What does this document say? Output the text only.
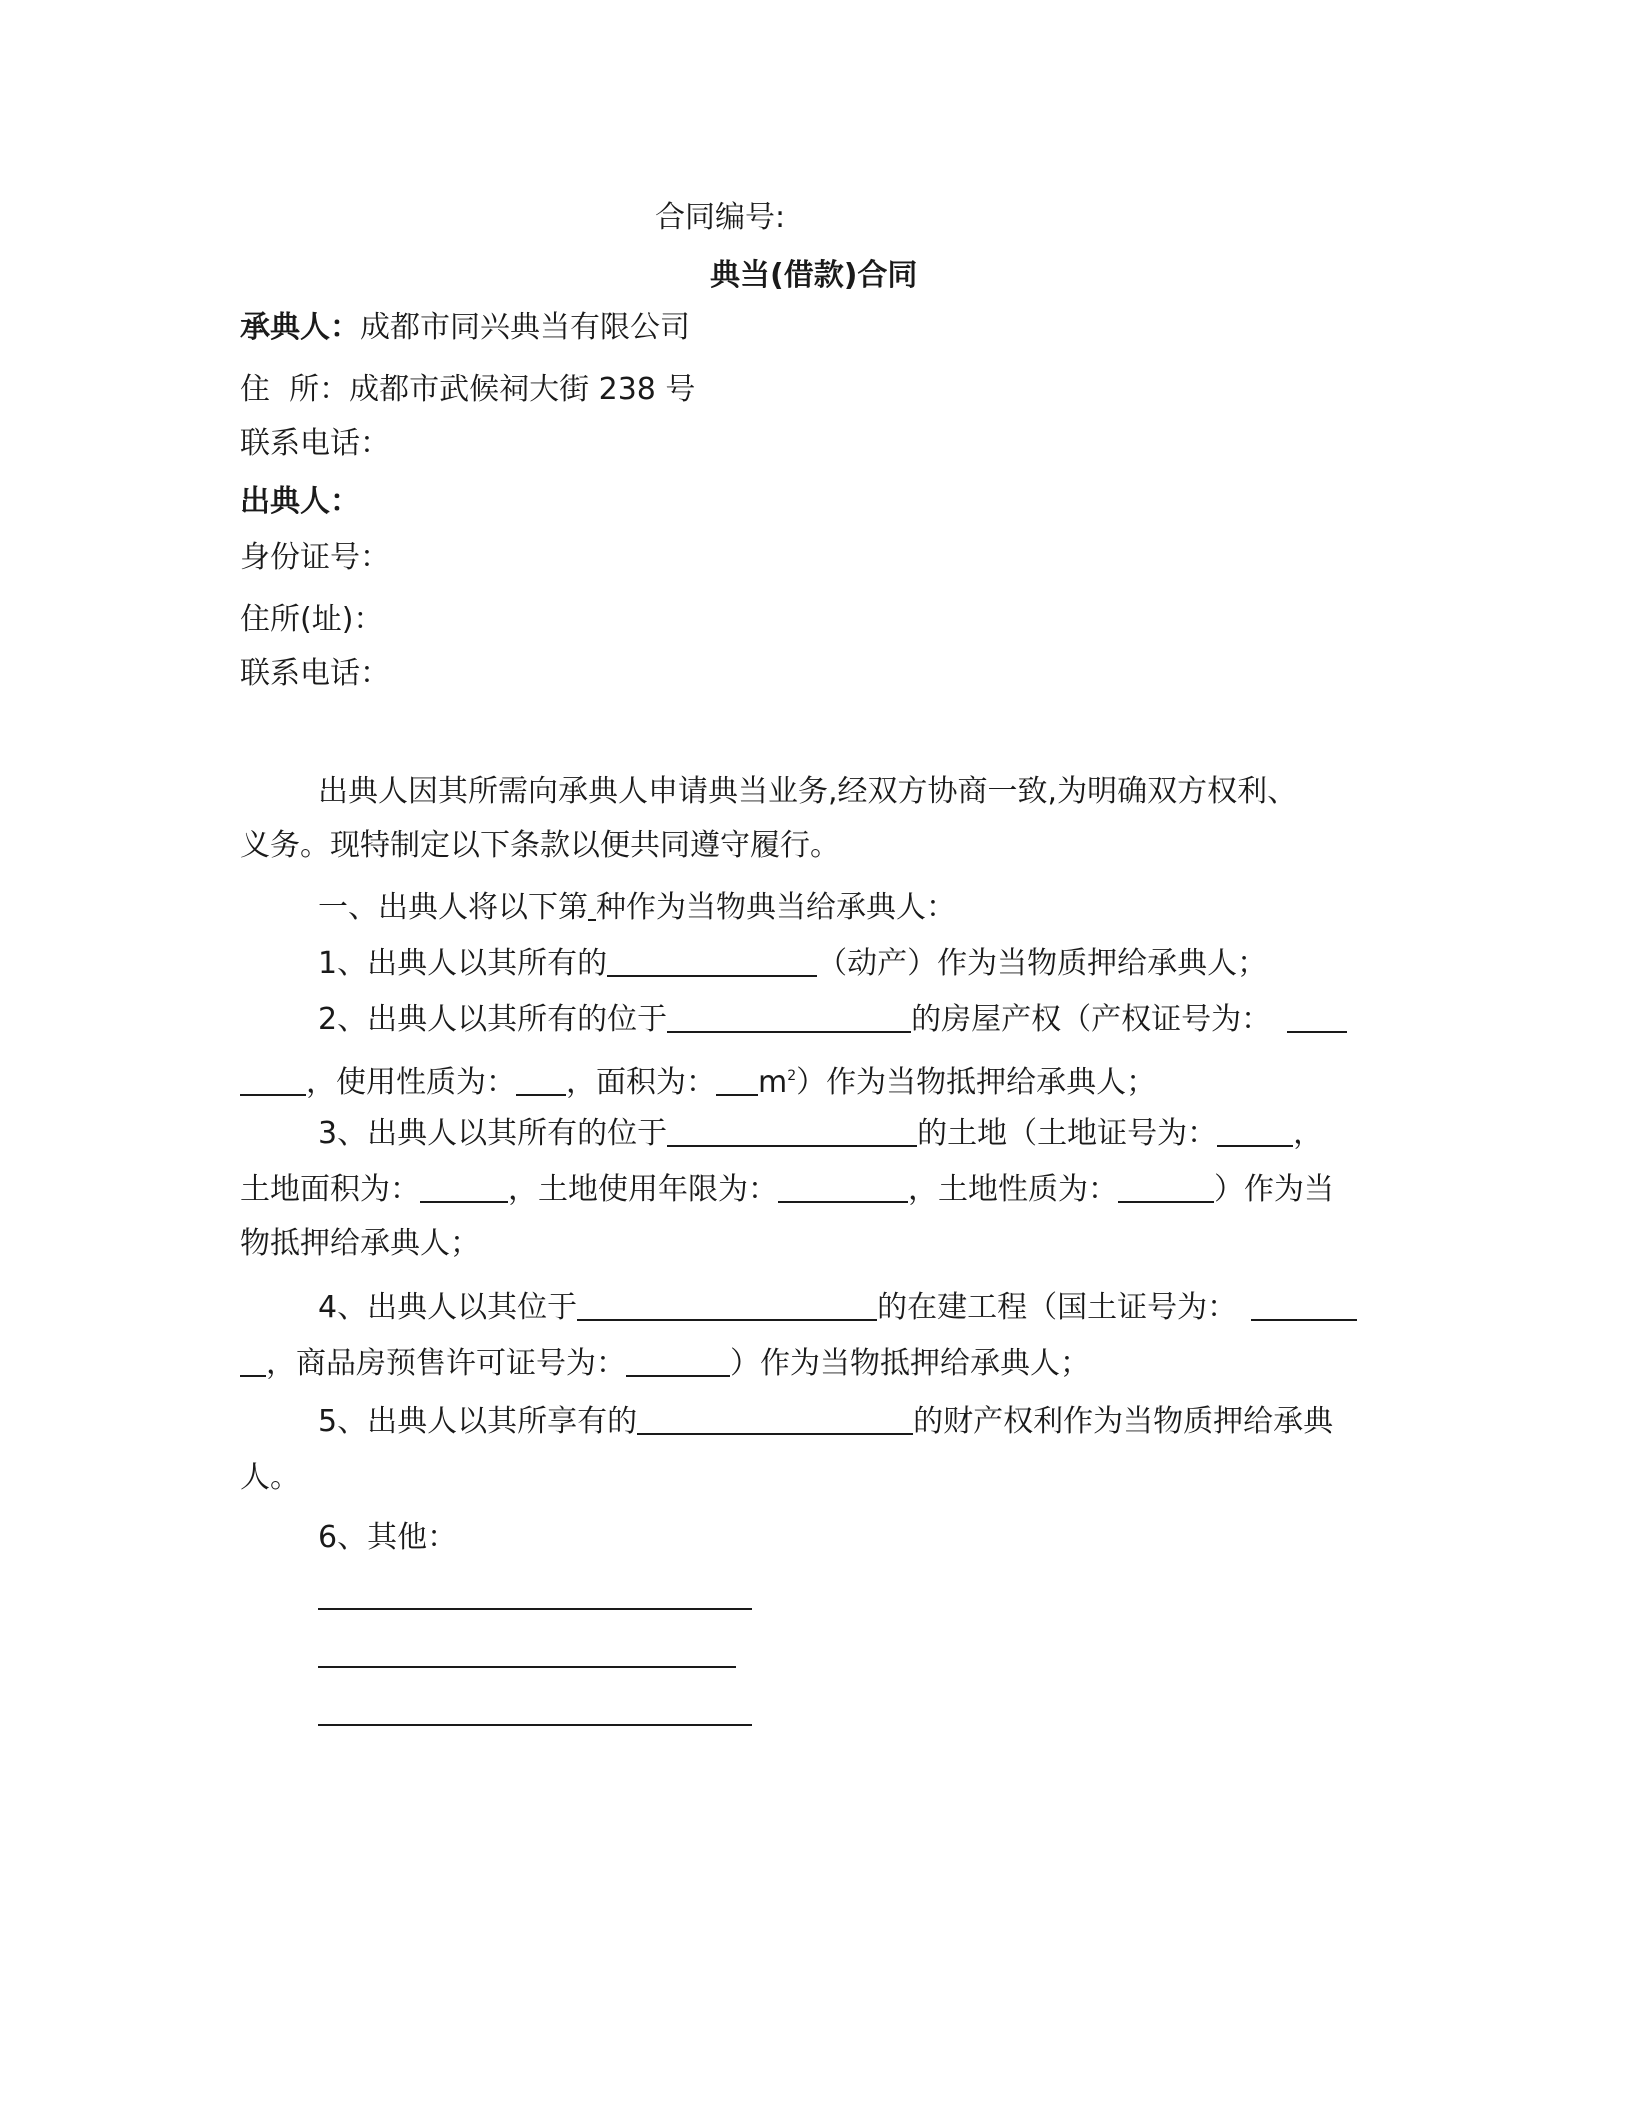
合同编号:
典当(借款)合同
承典人：成都市同兴典当有限公司
住  所：成都市武候祠大街 238 号
联系电话：
出典人：
身份证号：
住所(址)：
联系电话：
出典人因其所需向承典人申请典当业务,经双方协商一致,为明确双方权利、
义务。现特制定以下条款以便共同遵守履行。
一、出典人将以下第 种作为当物典当给承典人：
1、出典人以其所有的	（动产）作为当物质押给承典人；
2、出典人以其所有的位于	的房屋产权（产权证号为：
，使用性质为： ，面积为： $m^2$）作为当物抵押给承典人；
3、出典人以其所有的位于	的土地（土地证号为：	，
土地面积为：	，土地使用年限为：	，土地性质为：	）作为当
物抵押给承典人；
4、出典人以其位于	的在建工程（国土证号为：
，商品房预售许可证号为：	）作为当物抵押给承典人；
5、出典人以其所享有的	的财产权利作为当物质押给承典
人。
6、其他：
